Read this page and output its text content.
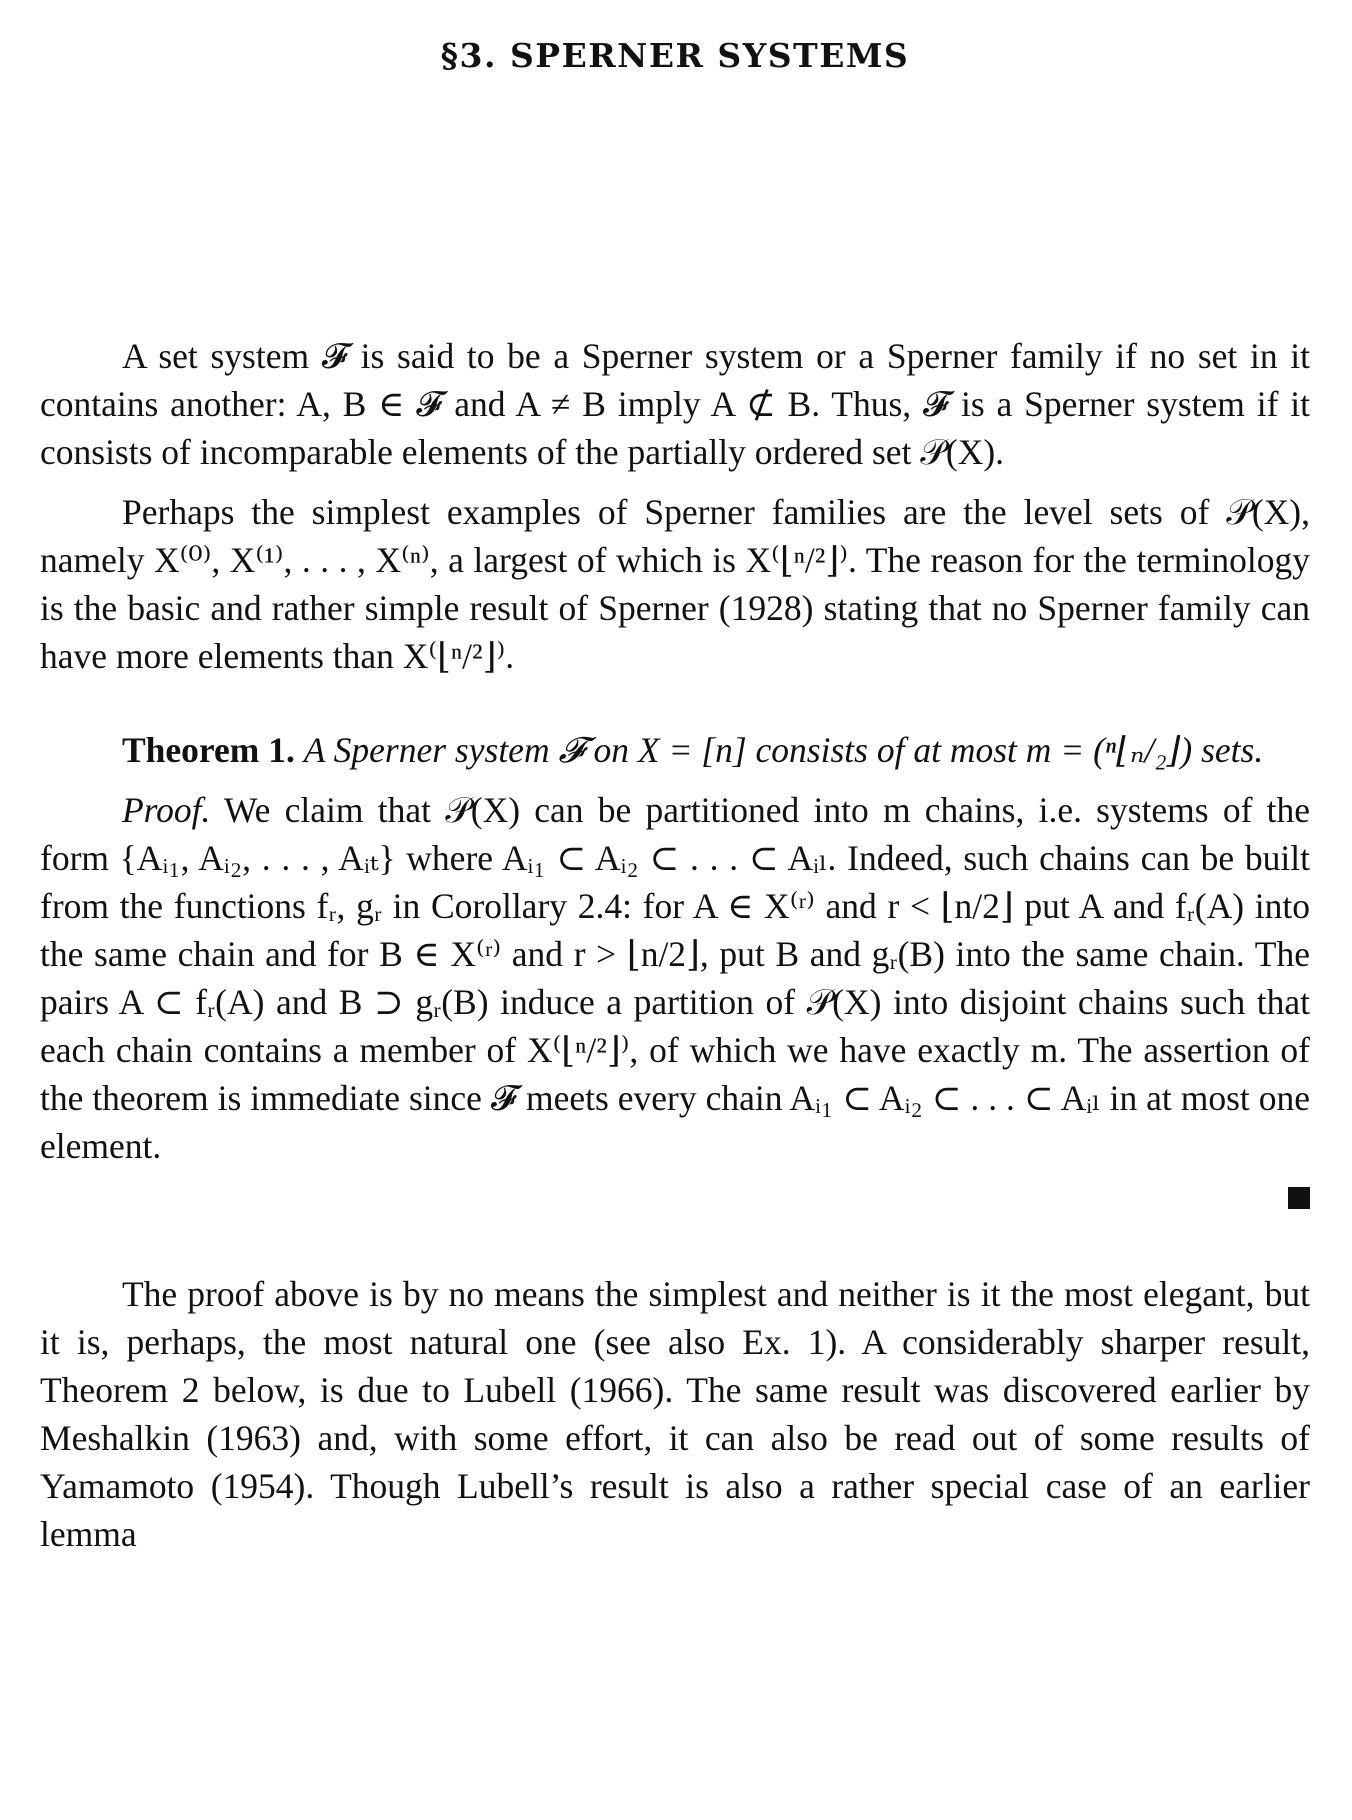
§3. SPERNER SYSTEMS

A set system 𝓕 is said to be a Sperner system or a Sperner family if no set in it contains another: A, B ∈ 𝓕 and A ≠ B imply A ⊄ B. Thus, 𝓕 is a Sperner system if it consists of incomparable elements of the partially ordered set 𝒫(X).

Perhaps the simplest examples of Sperner families are the level sets of 𝒫(X), namely X⁽⁰⁾, X⁽¹⁾, . . . , X⁽ⁿ⁾, a largest of which is X⁽⌊ⁿ/²⌋⁾. The reason for the terminology is the basic and rather simple result of Sperner (1928) stating that no Sperner family can have more elements than X⁽⌊ⁿ/²⌋⁾.

Theorem 1. A Sperner system 𝓕 on X = [n] consists of at most m = (ⁿ⌊ₙ/₂⌋) sets.

Proof. We claim that 𝒫(X) can be partitioned into m chains, i.e. systems of the form {Aᵢ₁, Aᵢ₂, . . . , Aᵢₜ} where Aᵢ₁ ⊂ Aᵢ₂ ⊂ . . . ⊂ Aᵢₗ. Indeed, such chains can be built from the functions fᵣ, gᵣ in Corollary 2.4: for A ∈ X⁽ʳ⁾ and r < ⌊n/2⌋ put A and fᵣ(A) into the same chain and for B ∈ X⁽ʳ⁾ and r > ⌊n/2⌋, put B and gᵣ(B) into the same chain. The pairs A ⊂ fᵣ(A) and B ⊃ gᵣ(B) induce a partition of 𝒫(X) into disjoint chains such that each chain contains a member of X⁽⌊ⁿ/²⌋⁾, of which we have exactly m. The assertion of the theorem is immediate since 𝓕 meets every chain Aᵢ₁ ⊂ Aᵢ₂ ⊂ . . . ⊂ Aᵢₗ in at most one element.

The proof above is by no means the simplest and neither is it the most elegant, but it is, perhaps, the most natural one (see also Ex. 1). A considerably sharper result, Theorem 2 below, is due to Lubell (1966). The same result was discovered earlier by Meshalkin (1963) and, with some effort, it can also be read out of some results of Yamamoto (1954). Though Lubell’s result is also a rather special case of an earlier lemma
